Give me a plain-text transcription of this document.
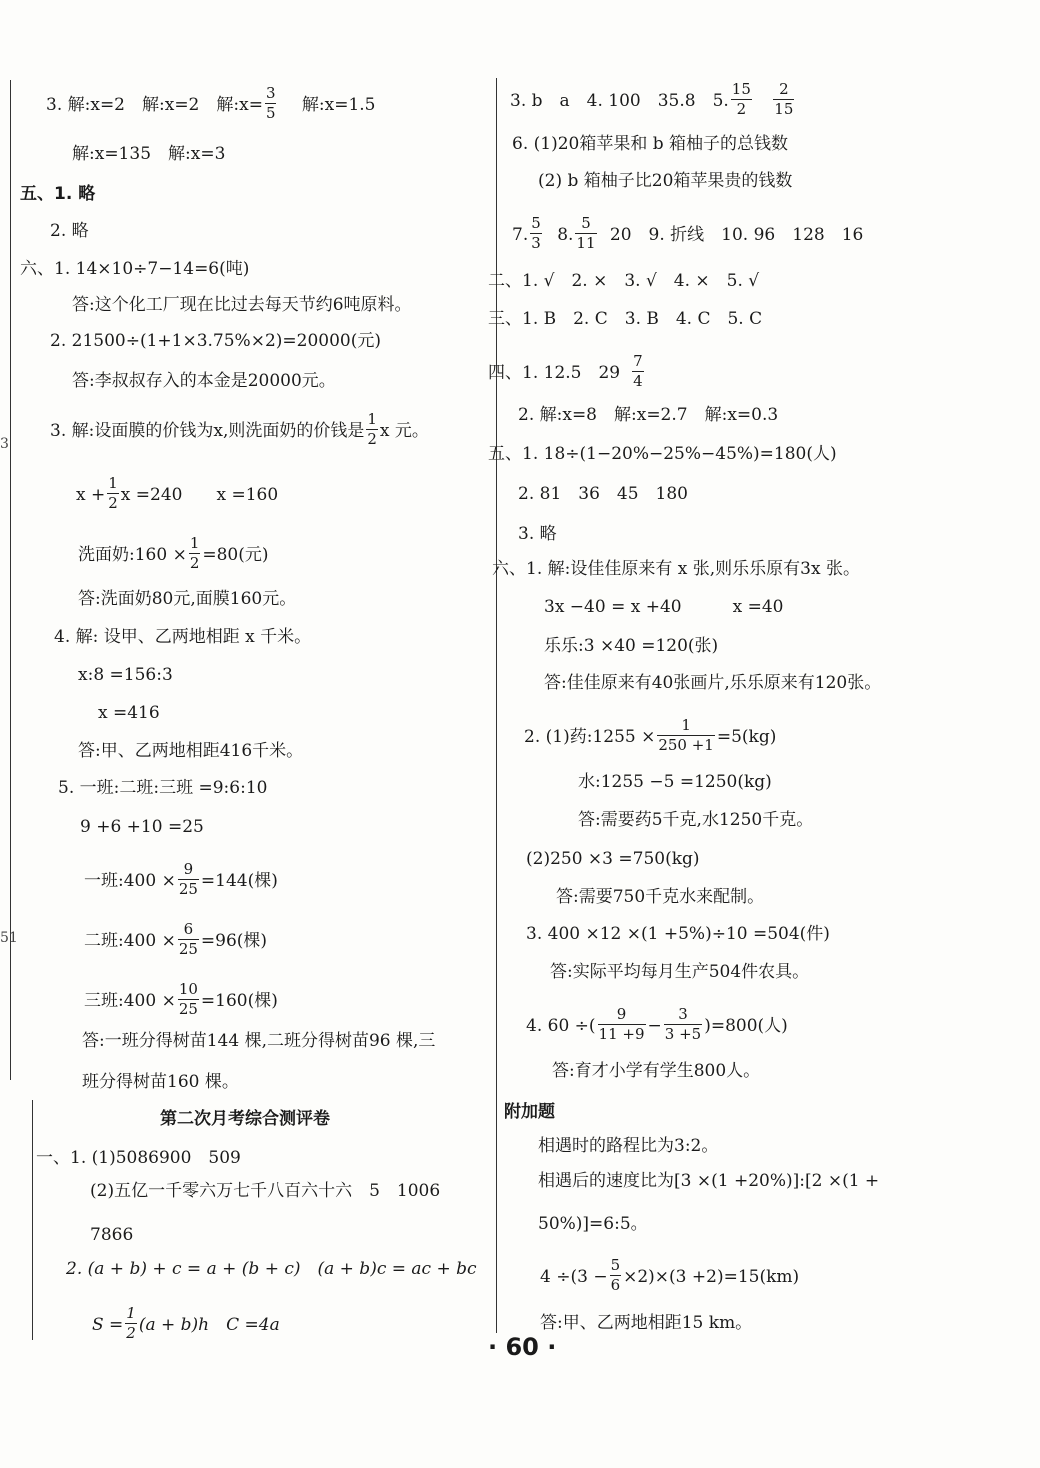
3
51
3. 解:x=2　解:x=2　解:x= $\frac{3}{5}$ 解:x=1.5
解:x=135　解:x=3
五、1. 略
2. 略
六、1. 14×10÷7−14=6(吨)
答:这个化工厂现在比过去每天节约6吨原料。
2. 21500÷(1+1×3.75%×2)=20000(元)
答:李叔叔存入的本金是20000元。
3. 解:设面膜的价钱为x,则洗面奶的价钱是 $\frac{1}{2}$ x 元。
$x + \frac{1}{2}$ x =240　　x =160
洗面奶:160 × $\frac{1}{2} =80$(元)
答:洗面奶80元,面膜160元。
4. 解: 设甲、乙两地相距 x 千米。
x:8 =156:3
x =416
答:甲、乙两地相距416千米。
5. 一班:二班:三班 =9:6:10
9 +6 +10 =25
一班:400 × $\frac{9}{25} =144$(棵)
二班:400 × $\frac{6}{25} =96$(棵)
三班:400 × $\frac{10}{25} =160$(棵)
答:一班分得树苗144 棵,二班分得树苗96 棵,三
班分得树苗160 棵。
第二次月考综合测评卷
一、1. (1)5086900　509
(2)五亿一千零六万七千八百六十六　5　1006
7866
2. (a + b) + c = a + (b + c)　(a + b)c = ac + bc
$S = \frac{1}{2} (a + b)h$　C =4a
3. b　a　4. 100　35.8　5. $\frac{15}{2}$
$\frac{2}{15}$
6. (1)20箱苹果和 b 箱柚子的总钱数
(2) b 箱柚子比20箱苹果贵的钱数
7. $\frac{5}{3} 8$. $\frac{5}{11} 20$　9. 折线　10. 96　128　16
二、1. √　2. ×　3. √　4. ×　5. √
三、1. B　2. C　3. B　4. C　5. C
四、1. 12.5　$29 \frac{7}{4}$
2. 解:x=8　解:x=2.7　解:x=0.3
五、1. 18÷(1−20%−25%−45%)=180(人)
2. 81　36　45　180
3. 略
六、1. 解:设佳佳原来有 x 张,则乐乐原有3x 张。
3x −40 = x +40　　　x =40
乐乐:3 ×40 =120(张)
答:佳佳原来有40张画片,乐乐原来有120张。
2. (1)药:1255 × $\frac{1}{250 +1} =5(kg)$
水:1255 −5 =1250(kg)
答:需要药5千克,水1250千克。
(2)250 ×3 =750(kg)
答:需要750千克水来配制。
3. 400 ×12 ×(1 +5%)÷10 =504(件)
答:实际平均每月生产504件农具。
4. 60 ÷( $\frac{9}{11 +9} - \frac{3}{3 +5} )=800$(人)
答:育才小学有学生800人。
附加题
相遇时的路程比为3:2。
相遇后的速度比为[3 ×(1 +20%)]:[2 ×(1 +
50%)]=6:5。
$4 \div(3 - \frac{5}{6} \times 2)\times(3 +2)=15(km)$
答:甲、乙两地相距15 km。
· 60 ·
